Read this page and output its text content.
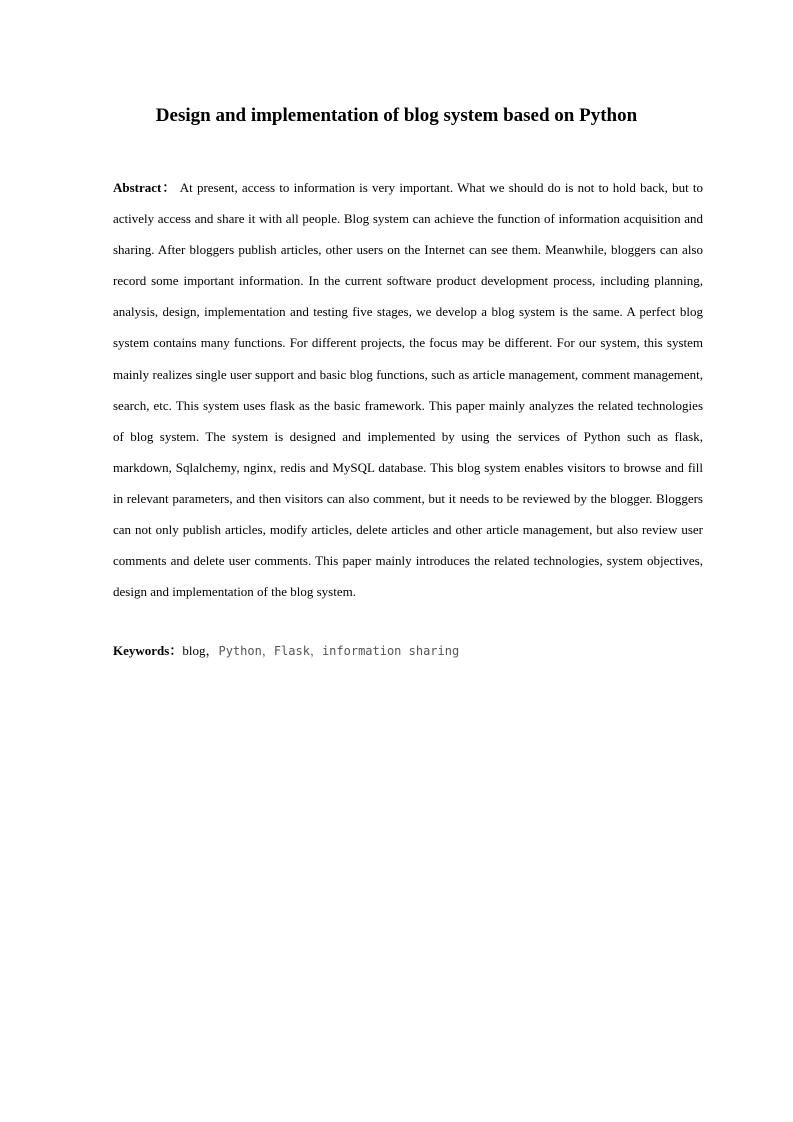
Design and implementation of blog system based on Python

Abstract： At present, access to information is very important. What we should do is not to hold back, but to actively access and share it with all people. Blog system can achieve the function of information acquisition and sharing. After bloggers publish articles, other users on the Internet can see them. Meanwhile, bloggers can also record some important information. In the current software product development process, including planning, analysis, design, implementation and testing five stages, we develop a blog system is the same. A perfect blog system contains many functions. For different projects, the focus may be different. For our system, this system mainly realizes single user support and basic blog functions, such as article management, comment management, search, etc. This system uses flask as the basic framework. This paper mainly analyzes the related technologies of blog system. The system is designed and implemented by using the services of Python such as flask, markdown, Sqlalchemy, nginx, redis and MySQL database. This blog system enables visitors to browse and fill in relevant parameters, and then visitors can also comment, but it needs to be reviewed by the blogger. Bloggers can not only publish articles, modify articles, delete articles and other article management, but also review user comments and delete user comments. This paper mainly introduces the related technologies, system objectives, design and implementation of the blog system.

Keywords：blog，Python，Flask，information sharing
